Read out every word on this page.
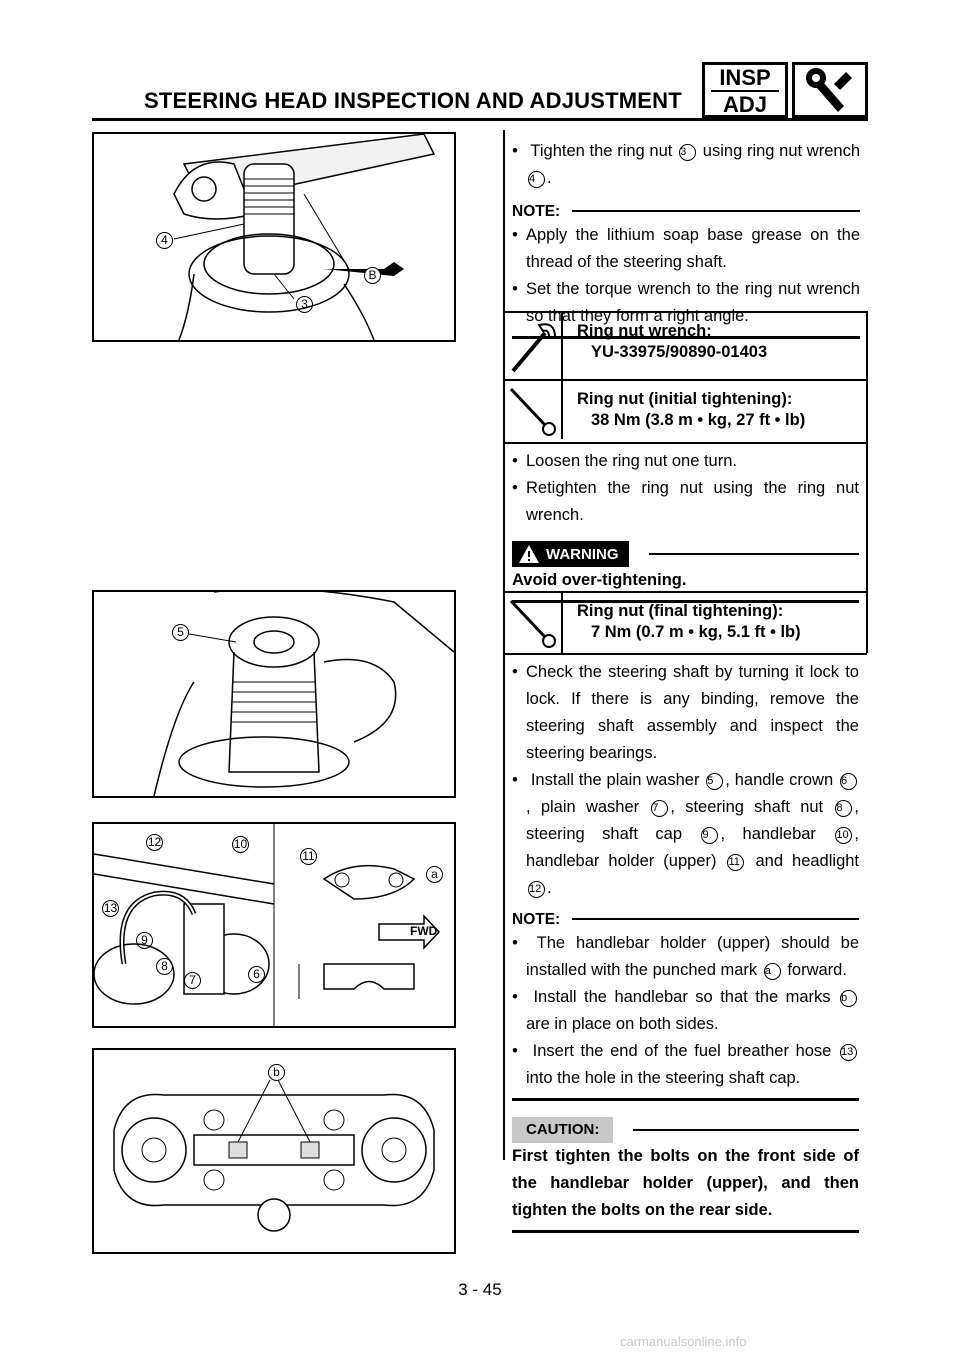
STEERING HEAD INSPECTION AND ADJUSTMENT
INSP
ADJ
4
3
B
5
12	10
11
a
13
9
8
7	6
FWD
b
• Tighten the ring nut 3 using ring nut wrench 4 .
NOTE:
• Apply the lithium soap base grease on the thread of the steering shaft.
• Set the torque wrench to the ring nut wrench so that they form a right angle.
Ring nut wrench:
YU-33975/90890-01403
Ring nut (initial tightening):
38 Nm (3.8 m • kg, 27 ft • lb)
• Loosen the ring nut one turn.
• Retighten the ring nut using the ring nut wrench.
WARNING
Avoid over-tightening.
Ring nut (final tightening):
7 Nm (0.7 m • kg, 5.1 ft • lb)
• Check the steering shaft by turning it lock to lock. If there is any binding, remove the steering shaft assembly and inspect the steering bearings.
• Install the plain washer 5 , handle crown 6, plain washer 7 , steering shaft nut 8 , steering shaft cap 9 , handlebar 10 , handlebar holder (upper) 11 and headlight 12 .
NOTE:
• The handlebar holder (upper) should be installed with the punched mark a forward.
• Install the handlebar so that the marks b are in place on both sides.
• Insert the end of the fuel breather hose 13 into the hole in the steering shaft cap.
CAUTION:
First tighten the bolts on the front side of the handlebar holder (upper), and then tighten the bolts on the rear side.
3 - 45
carmanualsonline.info
